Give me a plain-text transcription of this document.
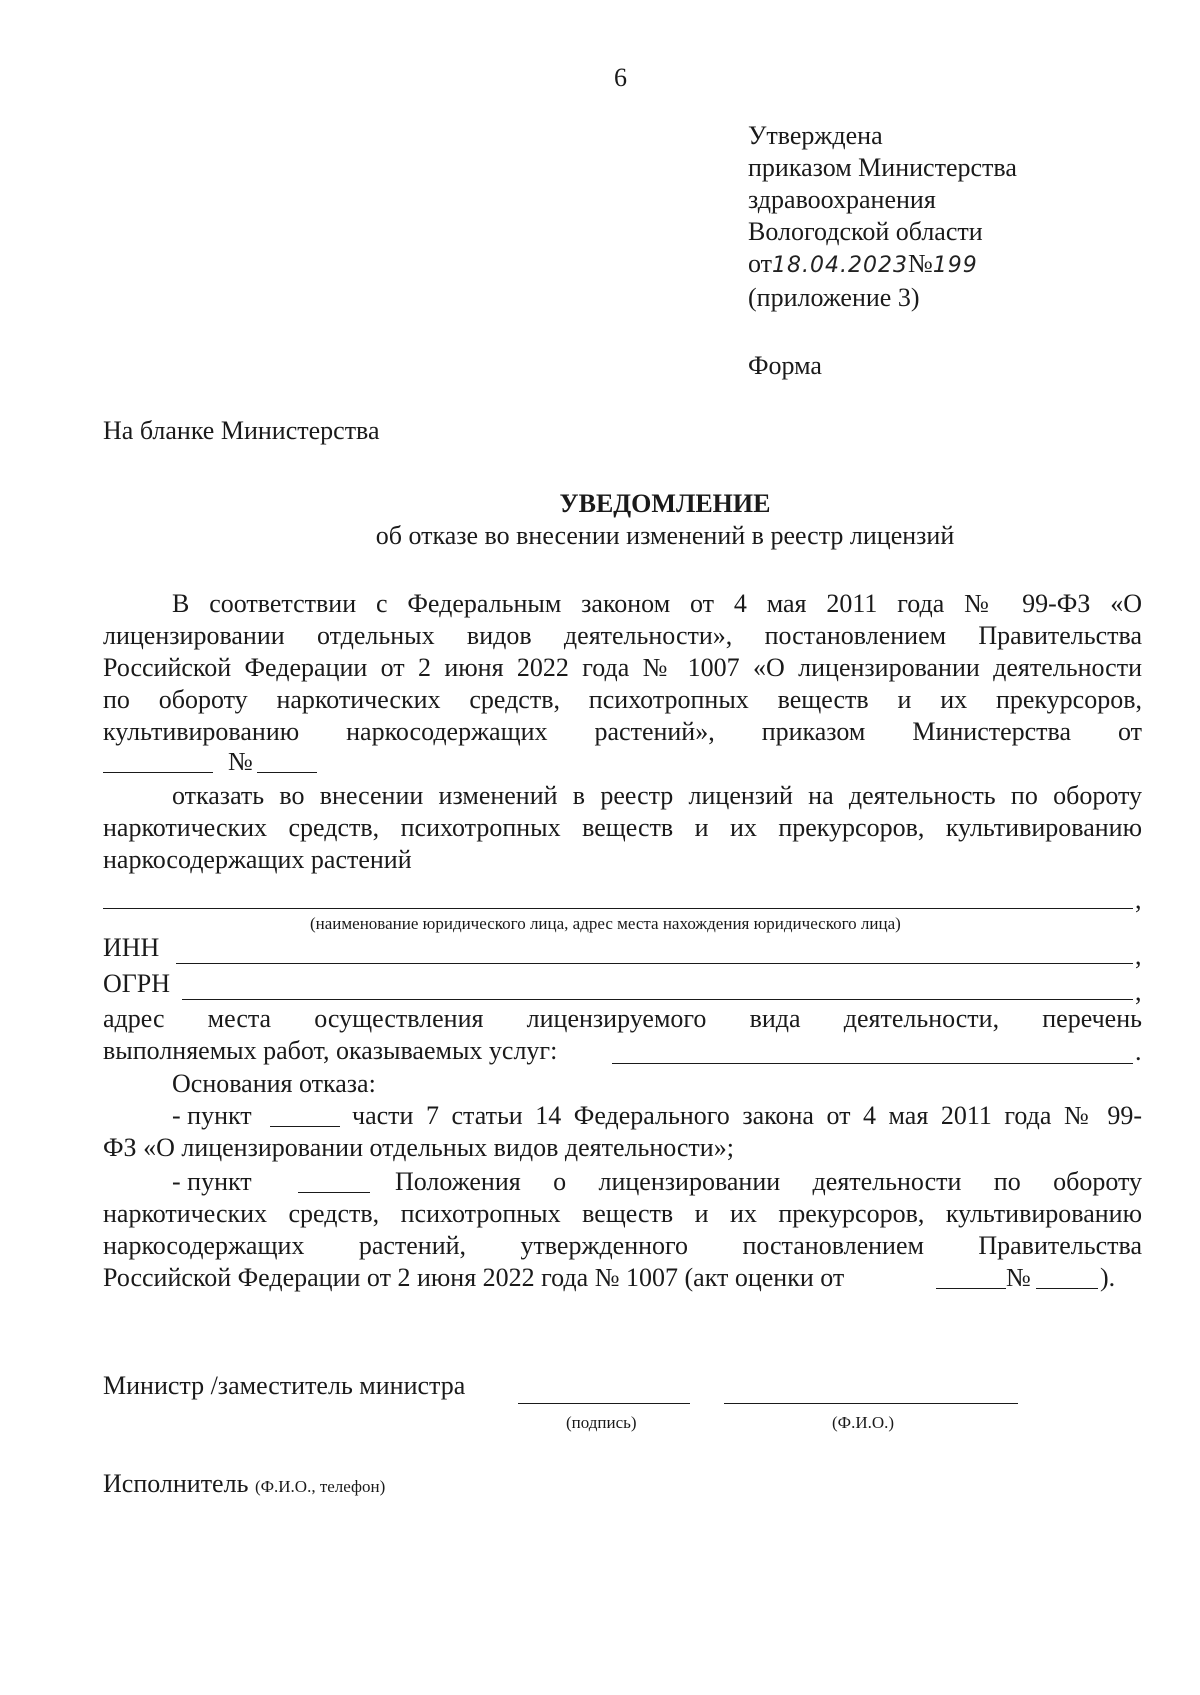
6
Утверждена
приказом Министерства
здравоохранения
Вологодской области
от18.04.2023№199
(приложение 3)
Форма
На бланке Министерства
УВЕДОМЛЕНИЕ
об отказе во внесении изменений в реестр лицензий
В соответствии с Федеральным законом от 4 мая 2011 года № 99-ФЗ «О
лицензировании отдельных видов деятельности», постановлением Правительства
Российской Федерации от 2 июня 2022 года № 1007 «О лицензировании деятельности
по обороту наркотических средств, психотропных веществ и их прекурсоров,
культивированию наркосодержащих растений», приказом Министерства от
№
отказать во внесении изменений в реестр лицензий на деятельность по обороту
наркотических средств, психотропных веществ и их прекурсоров, культивированию
наркосодержащих растений
,
(наименование юридического лица, адрес места нахождения юридического лица)
ИНН	,
ОГРН	,
адрес места осуществления лицензируемого вида деятельности, перечень
выполняемых работ, оказываемых услуг:	.
Основания отказа:
- пункт	части 7 статьи 14 Федерального закона от 4 мая 2011 года № 99-
ФЗ «О лицензировании отдельных видов деятельности»;
- пункт	Положения о лицензировании деятельности по обороту
наркотических средств, психотропных веществ и их прекурсоров, культивированию
наркосодержащих растений, утвержденного постановлением Правительства
Российской Федерации от 2 июня 2022 года № 1007 (акт оценки от	№	).
Министр /заместитель министра
(подпись)	(Ф.И.О.)
Исполнитель (Ф.И.О., телефон)
